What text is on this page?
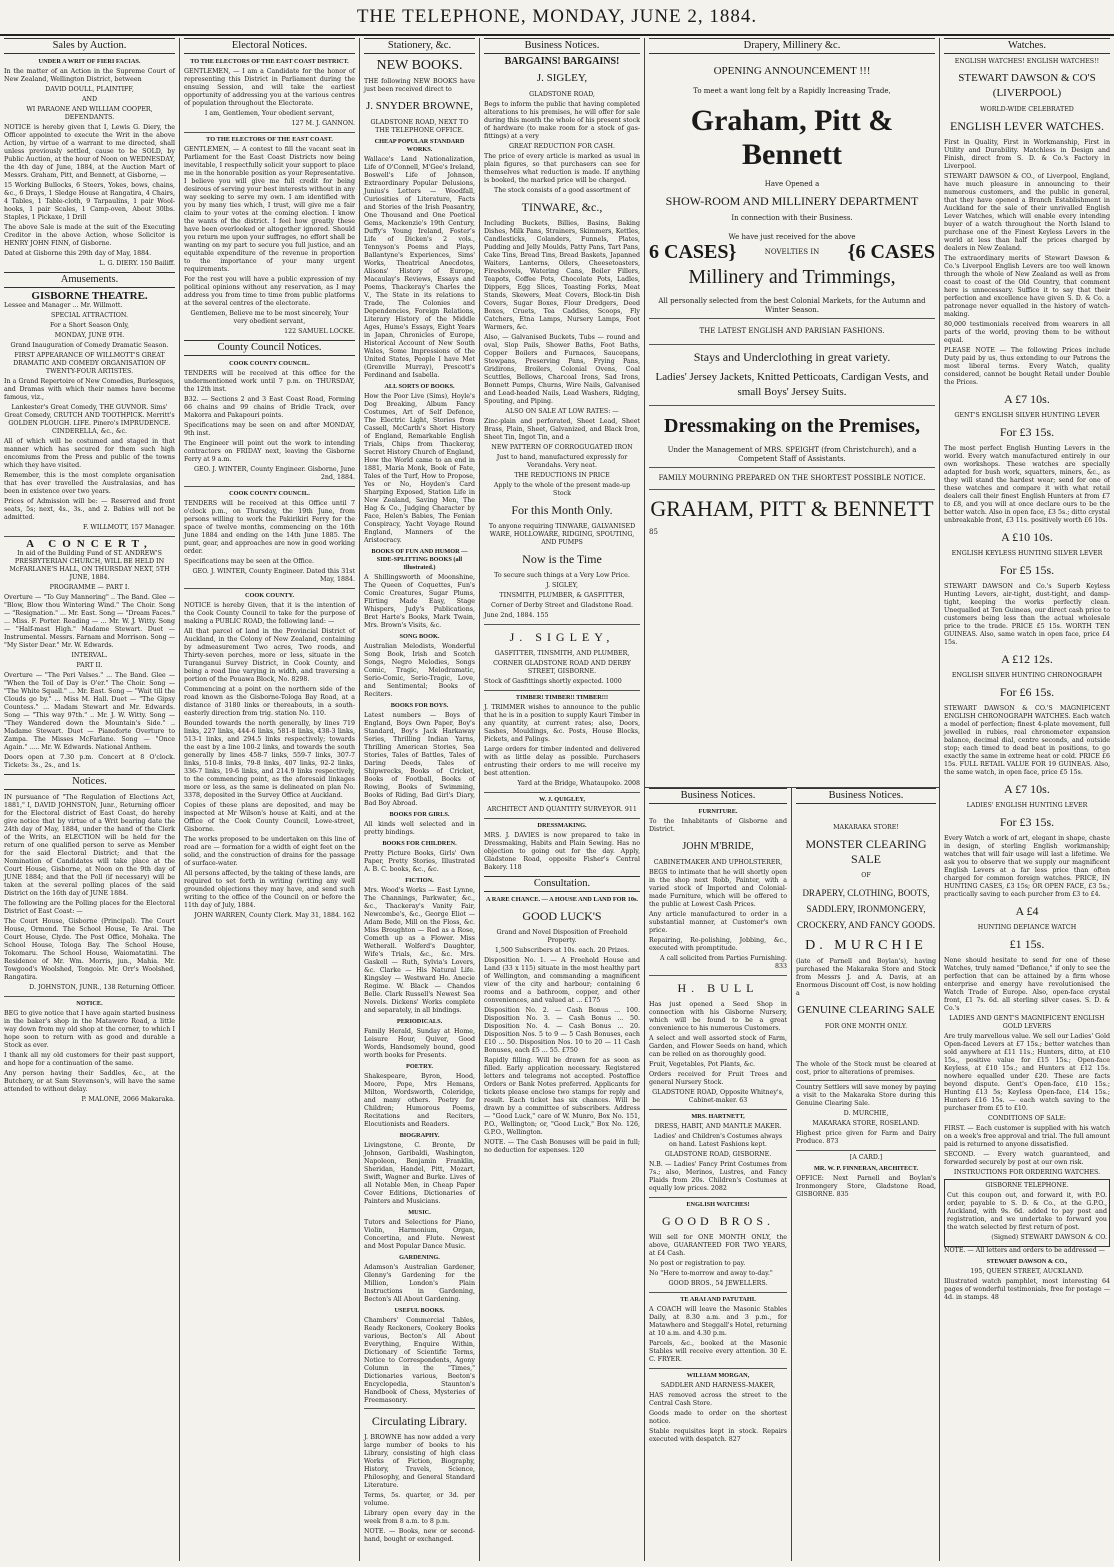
THE TELEPHONE, MONDAY, JUNE 2, 1884.
Sales by Auction.
UNDER A WRIT OF FIERI FACIAS.

In the matter of an Action in the Supreme Court of New Zealand, Wellington District, between

DAVID DOULL, PLAINTIFF,

AND

WI PARAONE AND WILLIAM COOPER, DEFENDANTS.

NOTICE is hereby given that I, Lewis G. Diery, the Officer appointed to execute the Writ in the above Action, by virtue of a warrant to me directed, shall unless previously settled, cause to be SOLD, by Public Auction, at the hour of Noon on WEDNESDAY, the 4th day of June, 1884, at the Auction Mart of Messrs. Graham, Pitt, and Bennett, at Gisborne, —

15 Working Bullocks, 6 Steers, Yokes, bows, chains, &c., 6 Drays, 1 Sledge House at Rangatira, 4 Chairs, 4 Tables, 1 Table-cloth, 9 Tarpaulins, 1 pair Wool-hooks, 1 pair Scales, 1 Camp-oven, About 30lbs. Staples, 1 Pickaxe, 1 Drill

The above Sale is made at the suit of the Executing Creditor in the above Action, whose Solicitor is HENRY JOHN FINN, of Gisborne.

Dated at Gisborne this 29th day of May, 1884.

L. G. DIERY. 150 Bailiff.

Amusements.
GISBORNE THEATRE.

Lessee and Manager ... Mr. Willmott.

SPECIAL ATTRACTION.

For a Short Season Only,

MONDAY, JUNE 9TH.

Grand Inauguration of Comedy Dramatic Season.

FIRST APPEARANCE OF WILLMOTT'S GREAT DRAMATIC AND COMEDY ORGANISATION OF TWENTY-FOUR ARTISTES.

In a Grand Repertoire of New Comedies, Burlesques, and Dramas with which their names have become famous, viz.,

Lankester's Great Comedy, THE GUVNOR. Sims' Great Comedy, CRUTCH AND TOOTHPICK. Merritt's GOLDEN PLOUGH. LIFE. Pinero's IMPRUDENCE. CINDERELLA, &c., &c.

All of which will be costumed and staged in that manner which has secured for them such high encomiums from the Press and public of the towns which they have visited.

Remember, this is the most complete organisation that has ever travelled the Australasias, and has been in existence over two years.

Prices of Admission will be: — Reserved and front seats, 5s; next, 4s., 3s., and 2. Babies will not be admitted.

F. WILLMOTT, 157 Manager.

A CONCERT,

In aid of the Building Fund of ST. ANDREW'S PRESBYTERIAN CHURCH, WILL BE HELD IN McFARLANE'S HALL, ON THURSDAY NEXT, 5TH JUNE, 1884.

PROGRAMME — PART I.

Overture — "To Guy Mannering" .. The Band. Glee — "Blow, Blow thou Wintering Wind." The Choir. Song — "Resignation." ... Mr. East. Song — "Dream Faces." ... Miss. F. Porter. Reading — ... Mr. W. J. Witty. Song — "Half-mast High." Madame Stewart. Duet — Instrumental. Messrs. Farnam and Morrison. Song — "My Sister Dear." Mr. W. Edwards.

INTERVAL.

PART II.

Overture — "The Peri Valses." ... The Band. Glee — "When the Toil of Day is O'er." The Choir. Song — "The White Squall." ... Mr. East. Song — "Wait till the Clouds go by." ... Miss M. Hall. Duet — "The Gipsy Countess." ... Madam Stewart and Mr. Edwards. Song — "This way 97th." .. Mr. J. W. Witty. Song — "They Wandered down the Mountain's Side." .. Madame Stewart. Duet — Pianoforte Overture to Zampa. The Misses McFarlane. Song — "Once Again." ..... Mr. W. Edwards. National Anthem.

Doors open at 7.30 p.m. Concert at 8 O'clock. Tickets: 3s., 2s., and 1s.

Notices.

IN pursuance of "The Regulation of Elections Act, 1881," I, DAVID JOHNSTON, Junr., Returning officer for the Electoral district of East Coast, do hereby give notice that by virtue of a Writ bearing date the 24th day of May, 1884, under the hand of the Clerk of the Writs, an ELECTION will be held for the return of one qualified person to serve as Member for the said Electoral District; and that the Nomination of Candidates will take place at the Court House, Gisborne, at Noon on the 9th day of JUNE 1884; and that the Poll (if necessary) will be taken at the several polling places of the said District on the 16th day of JUNE 1884.

The following are the Polling places for the Electoral District of East Coast: —

The Court House, Gisborne (Principal). The Court House, Ormond. The School House, Te Arai. The Court House, Clyde. The Post Office, Mohaka. The School House, Tologa Bay. The School House, Tokomaru. The School House, Waiomatatini. The Residence of Mr. Wm. Morris, jun., Mahia. Mr. Towgood's Woolshed, Tongoio. Mr. Orr's Woolshed, Rangatira.

D. JOHNSTON, JUNR., 138 Returning Officer.

NOTICE.

BEG to give notice that I have again started business in the baker's shop in the Matawero Road, a little way down from my old shop at the corner, to which I hope soon to return with as good and durable a Stock as ever.

I thank all my old customers for their past support, and hope for a continuation of the same.

Any person having their Saddles, &c., at the Butchery, or at Sam Stevenson's, will have the same attended to without delay.

P. MALONE, 2066 Makaraka.

Electoral Notices.
TO THE ELECTORS OF THE EAST COAST DISTRICT.

GENTLEMEN, — I am a Candidate for the honor of representing this District in Parliament during the ensuing Session, and will take the earliest opportunity of addressing you at the various centres of population throughout the Electorate.

I am, Gentlemen, Your obedient servant,

127 M. J. GANNON.

TO THE ELECTORS OF THE EAST COAST.

GENTLEMEN, — A contest to fill the vacant seat in Parliament for the East Coast Districts now being inevitable, I respectfully solicit your support to place me in the honorable position as your Representative. I believe you will give me full credit for being desirous of serving your best interests without in any way seeking to serve my own. I am identified with you by many ties which, I trust, will give me a fair claim to your votes at the coming election. I know the wants of the district. I feel how greatly these have been overlooked or altogether ignored. Should you return me upon your suffrages, no effort shall be wanting on my part to secure you full justice, and an equitable expenditure of the revenue in proportion to the importance of your many urgent requirements.

For the rest you will have a public expression of my political opinions without any reservation, as I may address you from time to time from public platforms at the several centres of the electorate.

Gentlemen, Believe me to be most sincerely, Your very obedient servant,

122 SAMUEL LOCKE.

County Council Notices.
COOK COUNTY COUNCIL.

TENDERS will be received at this office for the undermentioned work until 7 p.m. on THURSDAY, the 12th inst.

B32. — Sections 2 and 3 East Coast Road, Forming 66 chains and 99 chains of Bridle Track, over Makorra and Pakapouri points.

Specifications may be seen on and after MONDAY, 9th inst.

The Engineer will point out the work to intending contractors on FRIDAY next, leaving the Gisborne Ferry at 9 a.m.

GEO. J. WINTER, County Engineer. Gisborne, June 2nd, 1884.

COOK COUNTY COUNCIL.

TENDERS will be received at this Office until 7 o'clock p.m., on Thursday, the 19th June, from persons willing to work the Pakirikiri Ferry for the space of twelve months, commencing on the 16th June 1884 and ending on the 14th June 1885. The punt, gear, and approaches are now in good working order.

Specifications may be seen at the Office.

GEO. J. WINTER, County Engineer. Dated this 31st May, 1884.

COOK COUNTY.

NOTICE is hereby Given, that it is the intention of the Cook County Council to take for the purpose of making a PUBLIC ROAD, the following land: —

All that parcel of land in the Provincial District of Auckland, in the Colony of New Zealand, containing by admeasurement Two acres, Two roods, and Thirty-seven perches, more or less, situate in the Turanganui Survey District, in Cook County, and being a road line varying in width, and traversing a portion of the Pouawa Block, No. 8298.

Commencing at a point on the northern side of the road known as the Gisborne-Tologa Bay Road, at a distance of 3180 links or thereabouts, in a south-easterly direction from trig. station No. 110.

Bounded towards the north generally, by lines 719 links, 227 links, 444-6 links, 581-8 links, 438-3 links, 513-1 links, and 294.5 links respectively; towards the east by a line 100-2 links, and towards the south generally by lines 458-7 links, 559-7 links, 307-7 links, 510-8 links, 79-8 links, 407 links, 92-2 links, 336-7 links, 19-6 links, and 214.9 links respectively, to the commencing point, as the aforesaid linkages more or less, as the same is delineated on plan No. 3378, deposited in the Survey Office at Auckland.

Copies of these plans are deposited, and may be inspected at Mr Wilson's house at Kaiti, and at the Office of the Cook County Council, Lowe-street, Gisborne.

The works proposed to be undertaken on this line of road are — formation for a width of eight feet on the solid, and the construction of drains for the passage of surface-water.

All persons affected, by the taking of these lands, are required to set forth in writing (writing any well grounded objections they may have, and send such writing to the office of the Council on or before the 11th day of July, 1884.

JOHN WARREN, County Clerk. May 31, 1884. 162

Stationery, &c.
NEW BOOKS.

THE following NEW BOOKS have just been received direct to

J. SNYDER BROWNE,

GLADSTONE ROAD, NEXT TO THE TELEPHONE OFFICE.

CHEAP POPULAR STANDARD WORKS.

Wallace's Land Nationalization, Life of O'Connell, M'Gee's Ireland, Boswell's Life of Johnson, Extraordinary Popular Delusions, Junius's Letters — Woodfall, Curiosities of Literature, Facts and Stories of the Irish Peasantry, One Thousand and One Poetical Gems, Mackenzie's 19th Century, Duffy's Young Ireland, Foster's Life of Dicken's 2 vols., Tennyson's Poems and Plays, Ballantyne's Experiences, Sims' Works, Theatrical Anecdotes, Alisons' History of Europe, Macaulay's Reviews, Essays and Poems, Thackeray's Charles the V., The State in its relations to Trade, The Colonies and Dependencies, Foreign Relations, Literary History of the Middle Ages, Hume's Essays, Eight Years in Japan, Chronicles of Europe, Historical Account of New South Wales, Some Impressions of the United States, People I have Met (Grenville Murray), Prescott's Ferdinand and Isabella.

ALL SORTS OF BOOKS.

How the Poor Live (Sims), Hoyle's Dog Breaking, Album Fancy Costumes, Art of Self Defence, The Electric Light, Stories from Cassell, McCarth's Short History of England, Remarkable English Trials, Chips from Thackeray, Secret History Church of England, How the World came to an end in 1881, Maria Monk, Book of Fate, Tales of the Turf, How to Propose, Yes or No, Hoyden's Card Sharping Exposed, Station Life in New Zealand, Saving Men, The Hag & Co., Judging Character by Face, Helen's Babies, The Fenian Conspiracy, Yacht Voyage Round England, Manners of the Aristocracy.

BOOKS OF FUN AND HUMOR — SIDE-SPLITTING BOOKS (all Illustrated.)

A Shillingsworth of Moonshine, The Queen of Coquettes, Fun's Comic Creatures, Sugar Plums, Flirting Made Easy, Stage Whispers, Judy's Publications, Bret Harte's Books, Mark Twain, Mrs. Brown's Visits, &c.

SONG BOOK.

Australian Melodists, Wonderful Song Book, Irish and Scotch Songs, Negro Melodies, Songs Comic, Tragic, Melodramatic, Serio-Comic, Serio-Tragic, Love, and Sentimental; Books of Reciters.

BOOKS FOR BOYS.

Latest numbers — Boys of England, Boys Own Paper, Boy's Standard, Boy's Jack Harkaway Series, Thrilling Indian Yarns, Thrilling American Stories, Sea Stories, Tales of Battles, Tales of Daring Deeds, Tales of Shipwrecks, Books of Cricket, Books of Football, Books of Rowing, Books of Swimming, Books of Riding, Bad Girl's Diary, Bad Boy Abroad.

BOOKS FOR GIRLS.

All kinds well selected and in pretty bindings.

BOOKS FOR CHILDREN.

Pretty Picture Books, Girls' Own Paper, Pretty Stories, Illustrated A. B. C. books, &c., &c.

FICTION.

Mrs. Wood's Works — East Lynne, The Channings, Parkwater, &c., &c., Thackeray's Vanity Fair, Newcombe's, &c., George Eliot — Adam Bede, Mill on the Floss, &c. Miss Broughton — Red as a Rose, Cometh up as a Flower. Miss Wetherall. Wolferd's Daughter, Wife's Trials, &c., &c. Mrs. Gaskell — Ruth, Sylvia's Lovers, &c. Clarke — His Natural Life. Kingsley — Westward Ho. Anecie Regime. W. Black — Chandos Belle. Clark Russell's Newest Sea Novels. Dickens' Works complete and separately, in all bindings.

PERIODICALS.

Family Herald, Sunday at Home, Leisure Hour, Quiver, Good Words, Handsomely bound, good worth books for Presents.

POETRY.

Shakespeare, Byron, Hood, Moore, Pope, Mrs Hemans, Milton, Wordsworth, Coleridge, and many others. Poetry for Children; Humorous Poems, Recitations and Reciters, Elocutionists and Readers.

BIOGRAPHY.

Livingstone, C. Bronte, Dr Johnson, Garibaldi, Washington, Napoleon, Benjamin Franklin, Sheridan, Handel, Pitt, Mozart, Swift, Wagner and Burke. Lives of all Notable Men, in Cheap Paper Cover Editions, Dictionaries of Painters and Musicians.

MUSIC.

Tutors and Selections for Piano, Violin, Harmonium, Organ, Concertina, and Flute. Newest and Most Popular Dance Music.

GARDENING.

Adamson's Australian Gardener, Glenny's Gardening for the Million, London's Plain Instructions in Gardening, Becton's All About Gardening.

USEFUL BOOKS.

Chambers' Commercial Tables, Ready Reckoners, Cookery Books various, Becton's All About Everything, Enquire Within, Dictionary of Scientific Terms, Notice to Correspondents, Agony Column in the "Times," Dictionaries various, Beeton's Encyclopedia, Staunton's Handbook of Chess, Mysteries of Freemasonry.

Circulating Library.

J. BROWNE has now added a very large number of books to his Library, consisting of high class Works of Fiction, Biography, History, Travels, Science, Philosophy, and General Standard Literature.

Terms, 5s. quarter, or 3d. per volume.

Library open every day in the week from 8 a.m. to 8 p.m.

NOTE. — Books, new or second-hand, bought or exchanged.

Business Notices.
BARGAINS! BARGAINS!
J. SIGLEY,

GLADSTONE ROAD,

Begs to inform the public that having completed alterations to his premises, he will offer for sale during this month the whole of his present stock of hardware (to make room for a stock of gas-fittings) at a very

GREAT REDUCTION FOR CASH.

The price of every article is marked as usual in plain figures, so that purchasers can see for themselves what reduction is made. If anything is booked, the marked price will be charged.

The stock consists of a good assortment of

TINWARE, &c.,

Including Buckets, Billies, Basins, Baking Dishes, Milk Pans, Strainers, Skimmers, Kettles, Candlesticks, Colanders, Funnels, Plates, Pudding and Jelly Moulds, Patty Pans, Tart Pans, Cake Tins, Bread Tins, Bread Baskets, Japanned Waiters, Lanterns, Oilers, Cheesetoasters, Fireshovels, Watering Cans, Boiler Fillers, Teapots, Coffee Pots, Chocolate Pots, Ladles, Dippers, Egg Slices, Toasting Forks, Meat Stands, Skewers, Meat Covers, Block-tin Dish Covers, Sugar Boxes, Flour Dredgers, Deed Boxes, Cruets, Tea Caddies, Scoops, Fly Catchers, Etna Lamps, Nursery Lamps, Foot Warmers, &c.

Also, — Galvanised Buckets, Tubs — round and oval, Slop Pails, Shower Baths, Foot Baths, Copper Boilers and Furnaces, Saucepans, Stewpans, Preserving Pans, Frying Pans, Gridirons, Broilers, Colonial Ovens, Coal Scuttles, Bellows, Charcoal Irons, Sad Irons, Bonnett Pumps, Churns, Wire Nails, Galvanised and Lead-headed Nails, Lead Washers, Ridging, Spouting, and Piping.

ALSO ON SALE AT LOW RATES: —

Zinc-plain and perforated, Sheet Lead, Sheet Brass, Plain, Sheet, Galvanized, and Black Iron, Sheet Tin, Ingot Tin, and a

NEW PATTERN OF CORROGUGATED IRON

Just to hand, manufactured expressly for Verandahs. Very neat.

THE REDUCTIONS IN PRICE

Apply to the whole of the present made-up Stock

For this Month Only.

To anyone requiring TINWARE, GALVANISED WARE, HOLLOWARE, RIDGING, SPOUTING, AND PUMPS

Now is the Time

To secure such things at a Very Low Price.

J. SIGLEY,

TINSMITH, PLUMBER, & GASFITTER,

Corner of Derby Street and Gladstone Road.

June 2nd, 1884. 155

J. SIGLEY,

GASFITTER, TINSMITH, AND PLUMBER,

CORNER GLADSTONE ROAD AND DERBY STREET, GISBORNE.

Stock of Gasfittings shortly expected. 1000

TIMBER! TIMBER!! TIMBER!!!

J. TRIMMER wishes to announce to the public that he is in a position to supply Kauri Timber in any quantity, at current rates; also, Doors, Sashes, Mouldings, &c. Posts, House Blocks, Pickets, and Palings.

Large orders for timber indented and delivered with as little delay as possible. Purchasers entrusting their orders to me will receive my best attention.

Yard at the Bridge, Whataupoko. 2008

W. J. QUIGLEY,

ARCHITECT AND QUANTITY SURVEYOR. 911

DRESSMAKING.

MRS. J. DAVIES is now prepared to take in Dressmaking, Habits and Plain Sewing. Has no objection to going out for the day. Apply, Gladstone Road, opposite Fisher's Central Bakery. 118

Consultation.
A RARE CHANCE. — A HOUSE AND LAND FOR 10s.
GOOD LUCK'S

Grand and Novel Disposition of Freehold Property.

1,500 Subscribers at 10s. each. 20 Prizes.

Disposition No. 1. — A Freehold House and Land (33 x 115) situate in the most healthy part of Wellington, and commanding a magnificent view of the city and harbour; containing 6 rooms and a bathroom, copper, and other conveniences, and valued at ... £175

Disposition No. 2. — Cash Bonus ... 100. Disposition No. 3. — Cash Bonus ... 50. Disposition No. 4. — Cash Bonus ... 20. Disposition Nos. 5 to 9 — 5 Cash Bonuses, each £10 ... 50. Disposition Nos. 10 to 20 — 11 Cash Bonuses, each £5 ... 55. £750

Rapidly filling. Will be drawn for as soon as filled. Early application necessary. Registered letters and telegrams not accepted. Postoffice Orders or Bank Notes preferred. Applicants for tickets please enclose two stamps for reply and result. Each ticket has six chances. Will be drawn by a committee of subscribers. Address — "Good Luck," care of W. Munro, Box No. 151, P.O., Wellington; or, "Good Luck," Box No. 126, G.P.O., Wellington.

NOTE. — The Cash Bonuses will be paid in full; no deduction for expenses. 120

Drapery, Millinery &c.
OPENING ANNOUNCEMENT !!!

To meet a want long felt by a Rapidly Increasing Trade,

Graham, Pitt & Bennett

Have Opened a

SHOW-ROOM AND MILLINERY DEPARTMENT

In connection with their Business.

We have just received for the above

6 CASES}	NOVELTIES IN {6 CASES
Millinery and Trimmings,

All personally selected from the best Colonial Markets, for the Autumn and Winter Season.

THE LATEST ENGLISH AND PARISIAN FASHIONS.

Stays and Underclothing in great variety.
Ladies' Jersey Jackets, Knitted Petticoats, Cardigan Vests, and small Boys' Jersey Suits.
Dressmaking on the Premises,

Under the Management of MRS. SPEIGHT (from Christchurch), and a Competent Staff of Assistants.

FAMILY MOURNING PREPARED ON THE SHORTEST POSSIBLE NOTICE.

GRAHAM, PITT & BENNETT

85

Business Notices.
FURNITURE.

To the Inhabitants of Gisborne and District.

JOHN M'BRIDE,

CABINETMAKER AND UPHOLSTERER,

BEGS to intimate that he will shortly open in the shop next Robb, Painter, with a varied stock of Imported and Colonial-made Furniture, which will be offered to the public at Lowest Cash Prices.

Any article manufactured to order in a substantial manner, at Customer's own price.

Repairing, Re-polishing, Jobbing, &c., executed with promptitude.

A call solicited from Parties Furnishing. 833

H. BULL

Has just opened a Seed Shop in connection with his Gisborne Nursery, which will be found to be a great convenience to his numerous Customers.

A select and well assorted stock of Farm, Garden, and Flower Seeds on hand, which can be relied on as thoroughly good.

Fruit, Vegetables, Pot Plants, &c.

Orders received for Fruit Trees and general Nursery Stock.

GLADSTONE ROAD, Opposite Whitney's, Cabinet-maker. 63

MRS. HARTNETT,

DRESS, HABIT, AND MANTLE MAKER.

Ladies' and Children's Costumes always on hand. Latest Fashions kept.

GLADSTONE ROAD, GISBORNE.

N.B. — Ladies' Fancy Print Costumes from 7s.; also, Merinos, Lustres, and Fancy Plaids from 20s. Children's Costumes at equally low prices. 2082

ENGLISH WATCHES!
GOOD BROS.

Will sell for ONE MONTH ONLY, the above, GUARANTEED FOR TWO YEARS, at £4 Cash.

No post or registration to pay.

No "Here to-morrow and away to-day."

GOOD BROS., 54 JEWELLERS.

TE ARAI AND PATUTAHI.

A COACH will leave the Masonic Stables Daily, at 8.30 a.m. and 3 p.m., for Matawhero and Steggall's Hotel, returning at 10 a.m. and 4.30 p.m.

Parcels, &c., booked at the Masonic Stables will receive every attention. 30 E. C. FRYER.

WILLIAM MORGAN,

SADDLER AND HARNESS-MAKER,

HAS removed across the street to the Central Cash Store.

Goods made to order on the shortest notice.

Stable requisites kept in stock. Repairs executed with despatch. 827

Business Notices.

MAKARAKA STORE!

MONSTER CLEARING SALE

OF

DRAPERY, CLOTHING, BOOTS, SADDLERY, IRONMONGERY, CROCKERY, AND FANCY GOODS.
D. MURCHIE

(late of Parnell and Boylan's), having purchased the Makaraka Store and Stock from Messrs J. and A. Davis, at an Enormous Discount off Cost, is now holding a

GENUINE CLEARING SALE

FOR ONE MONTH ONLY.

The whole of the Stock must be cleared at cost, prior to alterations of premises.

Country Settlers will save money by paying a visit to the Makaraka Store during this Genuine Clearing Sale.

D. MURCHIE,

MAKARAKA STORE, ROSELAND.

Highest price given for Farm and Dairy Produce. 873

[A CARD.]

MR. W. P. FINNERAN, ARCHITECT.

OFFICE: Next Parnell and Boylan's Ironmongery Store, Gladstone Road, GISBORNE. 835

Watches.

ENGLISH WATCHES! ENGLISH WATCHES!!

STEWART DAWSON & CO'S (LIVERPOOL)

WORLD-WIDE CELEBRATED

ENGLISH LEVER WATCHES.

First in Quality, First in Workmanship, First in Utility and Durability. Matchless in Design and Finish, direct from S. D. & Co.'s Factory in Liverpool.

STEWART DAWSON & CO., of Liverpool, England, have much pleasure in announcing to their numerous customers, and the public in general, that they have opened a Branch Establishment in Auckland for the sale of their unrivalled English Lever Watches, which will enable every intending buyer of a watch throughout the North Island to purchase one of the Finest Keyless Levers in the world at less than half the prices charged by dealers in New Zealand.

The extraordinary merits of Stewart Dawson & Co.'s Liverpool English Levers are too well known through the whole of New Zealand as well as from coast to coast of the Old Country, that comment here is unnecessary. Suffice it to say that their perfection and excellence have given S. D. & Co. a patronage never equalled in the history of watch-making.

80,000 testimonials received from wearers in all parts of the world, proving them to be without equal.

PLEASE NOTE — The following Prices include Duty paid by us, thus extending to our Patrons the most liberal terms. Every Watch, quality considered, cannot be bought Retail under Double the Prices.

A £7 10s.

GENT'S ENGLISH SILVER HUNTING LEVER

For £3 15s.

The most perfect English Hunting Levers in the world. Every watch manufactured entirely in our own workshops. These watches are specially adapted for bush work, squatters, miners, &c., as they will stand the hardest wear; send for one of these watches and compare it with what retail dealers call their finest English Hunters at from £7 to £8, and you will at once declare ours to be the better watch. Also in open face, £3 5s.; ditto crystal unbreakable front, £3 11s. positively worth £6 10s.

A £10 10s.

ENGLISH KEYLESS HUNTING SILVER LEVER

For £5 15s.

STEWART DAWSON and Co.'s Superb Keyless Hunting Levers, air-tight, dust-tight, and damp-tight, keeping the works perfectly clean. Unequalled at Ten Guineas, our direct cash price to customers being less than the actual wholesale price to the trade. PRICE £5 15s. WORTH TEN GUINEAS. Also, same watch in open face, price £4 15s.

A £12 12s.

ENGLISH SILVER HUNTING CHRONOGRAPH

For £6 15s.

STEWART DAWSON & CO.'S MAGNIFICENT ENGLISH CHRONOGRAPH WATCHES. Each watch a model of perfection; finest 4-plate movement, full jewelled in rubies, real chronometer expansion balance, decimal dial, centre seconds, and outside stop; each timed to dead beat in positions, to go exactly the same in extreme heat or cold. PRICE £6 15s. FULL RETAIL VALUE FOR 19 GUINEAS. Also, the same watch, in open face, price £5 15s.

A £7 10s.

LADIES' ENGLISH HUNTING LEVER

For £3 15s.

Every Watch a work of art, elegant in shape, chaste in design, of sterling English workmanship; watches that will fair usage will last a lifetime. We ask you to observe that we supply our magnificent English Levers at a far less price than often charged for common foreign watches. PRICE, IN HUNTING CASES, £3 15s; OR OPEN FACE, £3 5s.; practically saving to each purcher from £3 to £4.

A £4

HUNTING DEFIANCE WATCH

£1 15s.

None should hesitate to send for one of these Watches, truly named "Defiance," if only to see the perfection that can be attained by a firm whose enterprise and energy have revolutionised the Watch Trade of Europe. Also, open-face crystal front, £1 7s. 6d. all sterling silver cases. S. D. & Co.'s

LADIES AND GENT'S MAGNIFICENT ENGLISH GOLD LEVERS

Are truly marvellous value. We sell our Ladies' Gold Open-faced Levers at £7 15s.; better watches than sold anywhere at £11 11s.; Hunters, ditto, at £10 15s., positive value for £15 15s.; Open-face Keyless, at £10 15s.; and Hunters at £12 15s. nowhere equalled under £20. These are facts beyond dispute. Gent's Open-face, £10 15s.; Hunting £13 5s; Keyless Open-face, £14 15s.; Hunters £16 15s. — each watch saving to the purchaser from £5 to £10.

CONDITIONS OF SALE:

FIRST. — Each customer is supplied with his watch on a week's free approval and trial. The full amount paid is returned to anyone dissatisfied.

SECOND. — Every watch guaranteed, and forwarded securely by post at our own risk.

INSTRUCTIONS FOR ORDERING WATCHES.

GISBORNE TELEPHONE.

Cut this coupon out, and forward it, with P.O. order, payable to S. D. & Co., at the G.P.O., Auckland, with 9s. 6d. added to pay post and registration, and we undertake to forward you the watch selected by first return of post.

(Signed) STEWART DAWSON & CO.

NOTE. — All letters and orders to be addressed —

STEWART DAWSON & CO.,

195, QUEEN STREET, AUCKLAND.

Illustrated watch pamphlet, most interesting 64 pages of wonderful testimonials, free for postage — 4d. in stamps. 48
